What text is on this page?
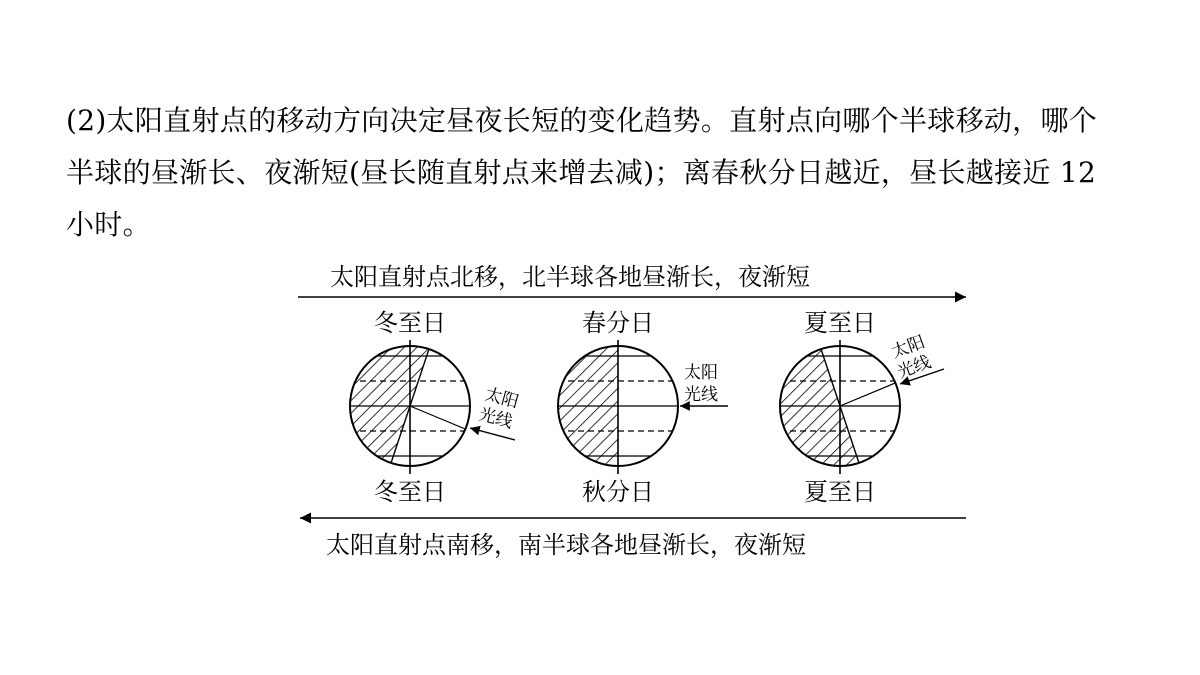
(2)太阳直射点的移动方向决定昼夜长短的变化趋势。直射点向哪个半球移动，哪个
半球的昼渐长、夜渐短(昼长随直射点来增去减)；离春秋分日越近，昼长越接近 12
小时。
太阳直射点北移，北半球各地昼渐长，夜渐短
太阳直射点南移，南半球各地昼渐长，夜渐短
冬至日
太阳
光线
冬至日
春分日
太阳
光线
秋分日
夏至日
太阳
光线
夏至日
